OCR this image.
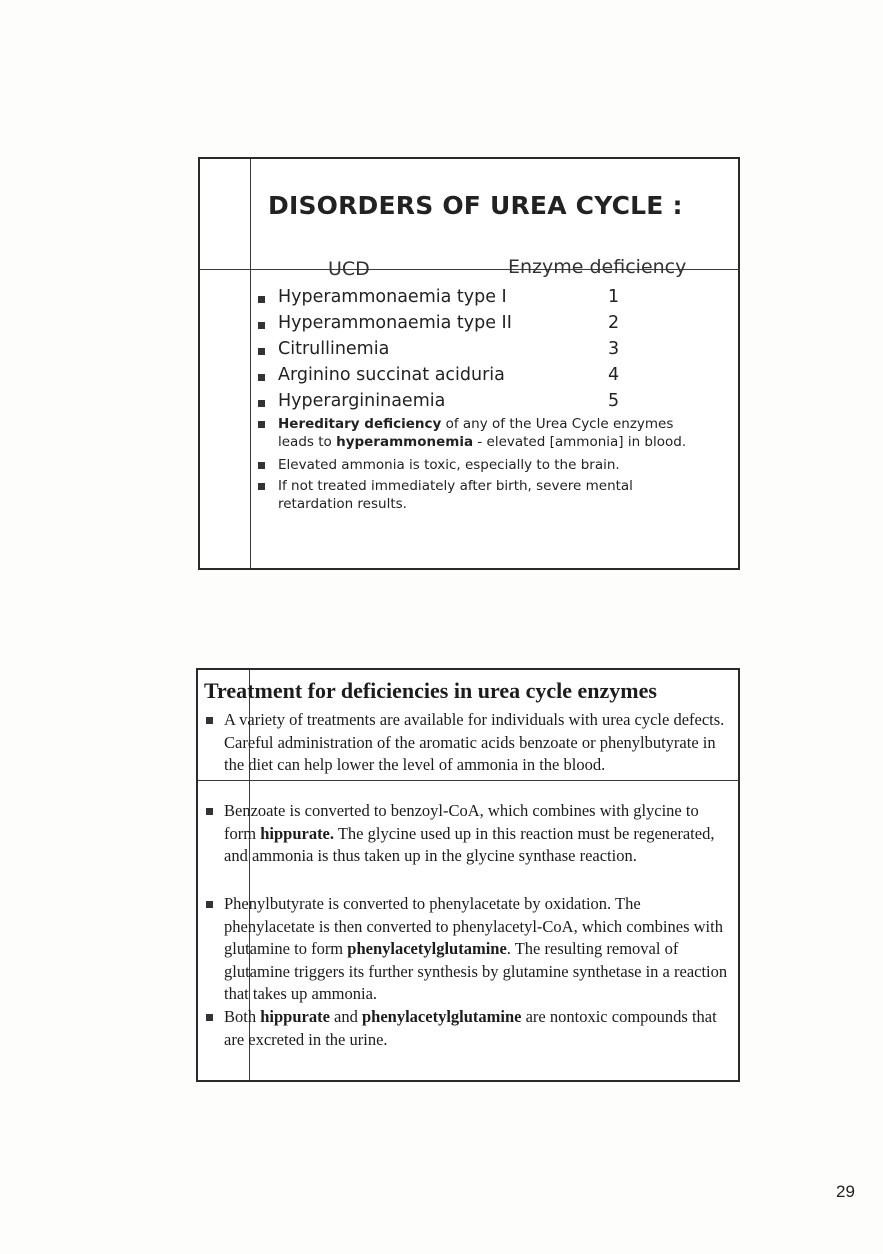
DISORDERS OF UREA CYCLE :
UCD	Enzyme deficiency
Hyperammonaemia type I	1
Hyperammonaemia type II	2
Citrullinemia	3
Arginino succinat aciduria	4
Hyperargininaemia	5
Hereditary deficiency of any of the Urea Cycle enzymes leads to hyperammonemia - elevated [ammonia] in blood.
Elevated ammonia is toxic, especially to the brain.
If not treated immediately after birth, severe mental retardation results.
Treatment for deficiencies in urea cycle enzymes
A variety of treatments are available for individuals with urea cycle defects. Careful administration of the aromatic acids benzoate or phenylbutyrate in the diet can help lower the level of ammonia in the blood.
Benzoate is converted to benzoyl-CoA, which combines with glycine to form hippurate. The glycine used up in this reaction must be regenerated, and ammonia is thus taken up in the glycine synthase reaction.
Phenylbutyrate is converted to phenylacetate by oxidation. The phenylacetate is then converted to phenylacetyl-CoA, which combines with glutamine to form phenylacetylglutamine. The resulting removal of glutamine triggers its further synthesis by glutamine synthetase in a reaction that takes up ammonia.
Both hippurate and phenylacetylglutamine are nontoxic compounds that are excreted in the urine.
29
